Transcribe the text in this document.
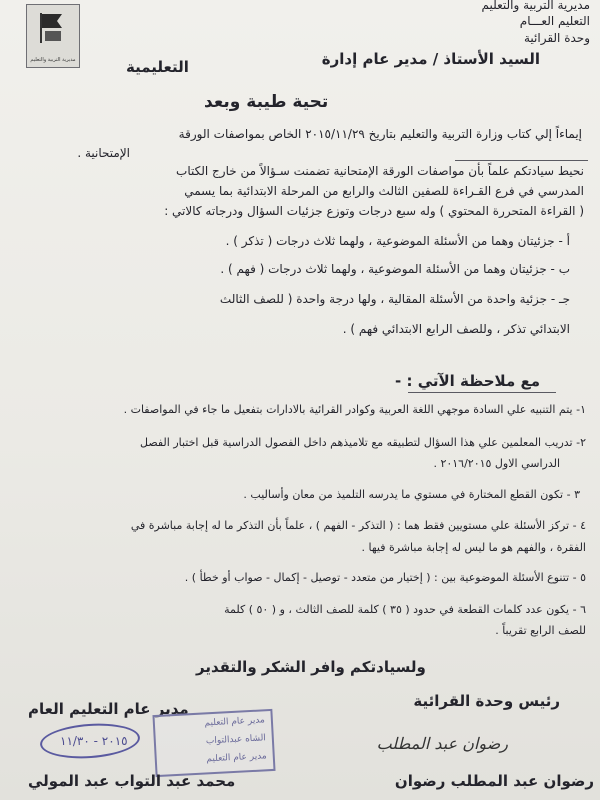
مديرية التربية والتعليم
مديرية التربية والتعليم
التعليم العـــام
وحدة القرائية
السيد الأستاذ / مدير عام إدارة
التعليمية
تحية طيبة وبعد
إيماءاً إلي كتاب وزارة التربية والتعليم بتاريخ ٢٠١٥/١١/٢٩ الخاص بمواصفات الورقة
الإمتحانية .
نحيط سيادتكم علماً بأن مواصفات الورقة الإمتحانية تضمنت سـؤالاً من خارج الكتاب
المدرسي في فرع القـراءة للصفين الثالث والرابع من المرحلة الابتدائية بما يسمي
( القراءة المتحررة المحتوي ) وله سبع درجات وتوزع جزئيات السؤال ودرجاته كالاتي :
أ - جزئيتان وهما من الأسئلة الموضوعية ، ولهما ثلاث درجات ( تذكر ) .
ب - جزئيتان وهما من الأسئلة الموضوعية ، ولهما ثلاث درجات ( فهم ) .
جـ - جزئية واحدة من الأسئلة المقالية ، ولها درجة واحدة ( للصف الثالث
الابتدائي تذكر ، وللصف الرابع الابتدائي فهم ) .
مع ملاحظة الآتي : -
١- يتم التنبيه علي السادة موجهي اللغة العربية وكوادر القرائية بالادارات بتفعيل ما جاء في المواصفات .
٢- تدريب المعلمين علي هذا السؤال لتطبيقه مع تلاميذهم داخل الفصول الدراسية قبل اختبار الفصل
الدراسي الاول ٢٠١٦/٢٠١٥ .
٣ - تكون القطع المختارة في مستوي ما يدرسه التلميذ من معان وأساليب .
٤ - تركز الأسئلة علي مستويين فقط هما : ( التذكر - الفهم ) ، علماً بأن التذكر ما له إجابة مباشرة في
الفقرة ، والفهم هو ما ليس له إجابة مباشرة فيها .
٥ - تتنوع الأسئلة الموضوعية بين : ( إختيار من متعدد - توصيل - إكمال - صواب أو خطأ ) .
٦ - يكون عدد كلمات القطعة في حدود ( ٣٥ ) كلمة للصف الثالث ، و ( ٥٠ ) كلمة
للصف الرابع تقريباً .
ولسيادتكم وافر الشكر والتقدير
مدير عام التعليم العام	رئيس وحدة القرائية
مدير عام التعليم
الشاه عبدالتواب
مدير عام التعليم
٢٠١٥ - ١١/٣٠	رضوان عبد المطلب
محمد عبد التواب عبد المولي	رضوان عبد المطلب رضوان
